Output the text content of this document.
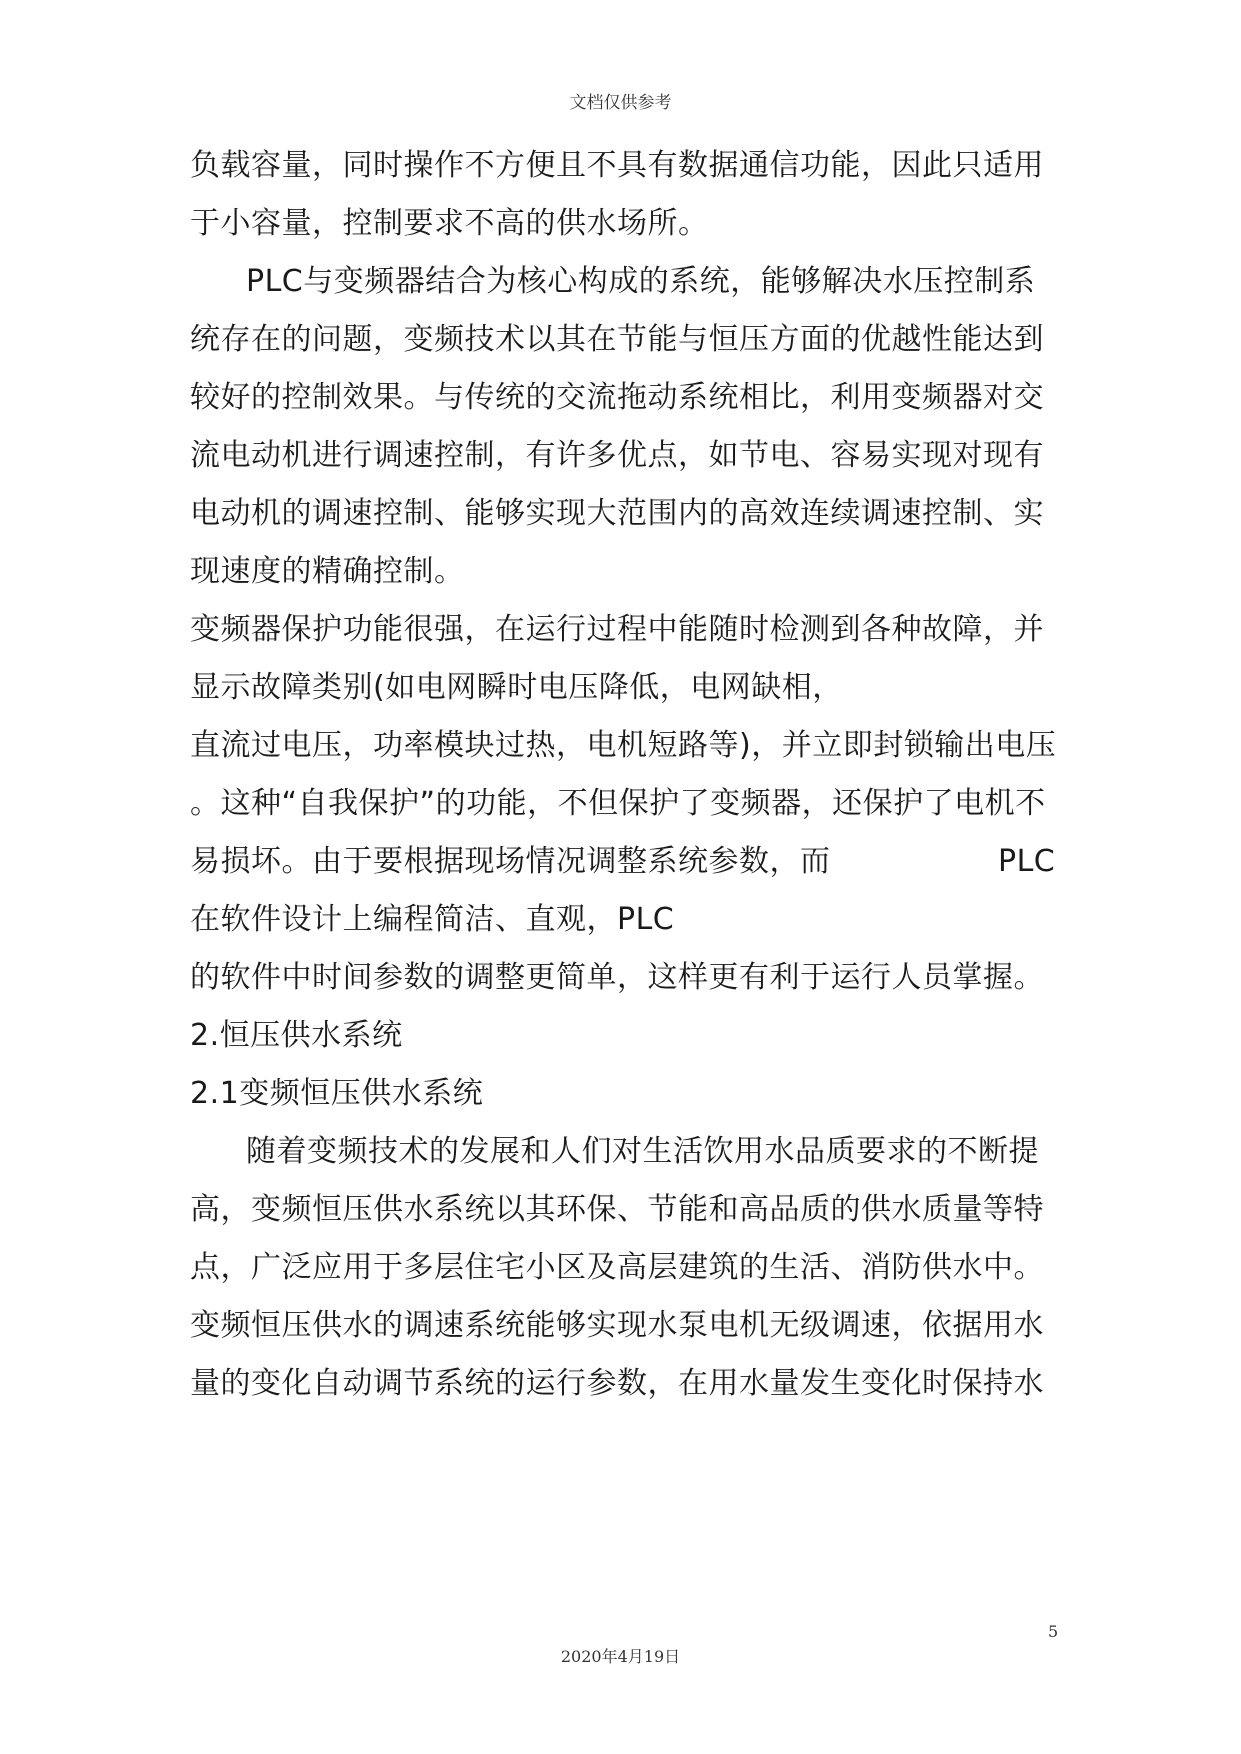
文档仅供参考
负载容量，同时操作不方便且不具有数据通信功能，因此只适用
于小容量，控制要求不高的供水场所。
PLC与变频器结合为核心构成的系统，能够解决水压控制系
统存在的问题，变频技术以其在节能与恒压方面的优越性能达到
较好的控制效果。与传统的交流拖动系统相比，利用变频器对交
流电动机进行调速控制，有许多优点，如节电、容易实现对现有
电动机的调速控制、能够实现大范围内的高效连续调速控制、实
现速度的精确控制。
变频器保护功能很强，在运行过程中能随时检测到各种故障，并
显示故障类别(如电网瞬时电压降低，电网缺相，
直流过电压，功率模块过热，电机短路等)，并立即封锁输出电压
。这种“自我保护”的功能，不但保护了变频器，还保护了电机不
易损坏。由于要根据现场情况调整系统参数，而	PLC
在软件设计上编程简洁、直观，PLC
的软件中时间参数的调整更简单，这样更有利于运行人员掌握。
2.恒压供水系统
2.1变频恒压供水系统
随着变频技术的发展和人们对生活饮用水品质要求的不断提
高，变频恒压供水系统以其环保、节能和高品质的供水质量等特
点，广泛应用于多层住宅小区及高层建筑的生活、消防供水中。
变频恒压供水的调速系统能够实现水泵电机无级调速，依据用水
量的变化自动调节系统的运行参数，在用水量发生变化时保持水
5
2020年4月19日
